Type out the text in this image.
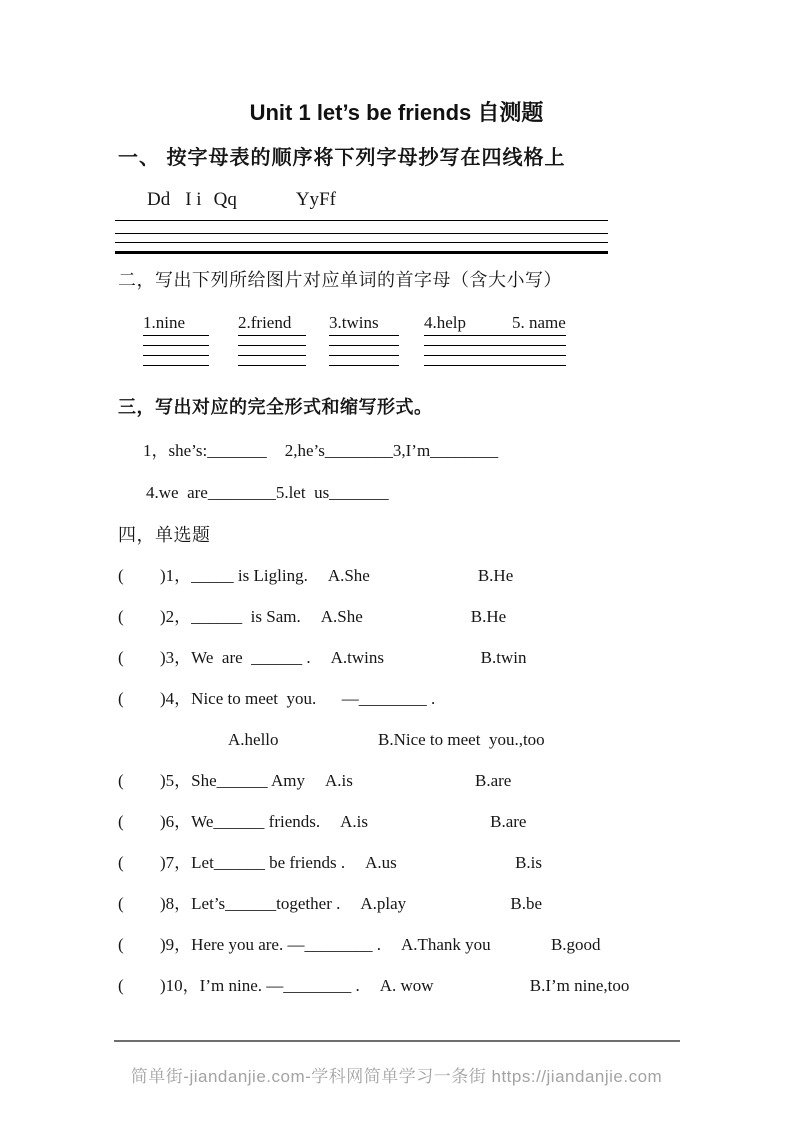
Unit 1 let’s be friends 自测题
一、 按字母表的顺序将下列字母抄写在四线格上
Dd I i Qq	YyFf
二，写出下列所给图片对应单词的首字母（含大小写）
1.nine	2.friend	3.twins	4.help	5. name
三，写出对应的完全形式和缩写形式。
1，she’s:_______ 2,he’s________3,I’m________
4.we  are________5.let  us_______
四，单选题
( )1，_____ is Ligling. A.She	B.He
( )2，______  is Sam. A.She	B.He
( )3，We  are  ______ . A.twins	B.twin
( )4，Nice to meet  you.      —________ .
A.hello	B.Nice to meet  you.,too
( )5，She______ Amy A.is	B.are
( )6，We______ friends. A.is	B.are
( )7，Let______ be friends . A.us	B.is
( )8，Let’s______together . A.play	B.be
( )9，Here you are. —________ . A.Thank you	B.good
( )10，I’m nine. —________ . A. wow	B.I’m nine,too
简单街-jiandanjie.com-学科网简单学习一条街 https://jiandanjie.com
